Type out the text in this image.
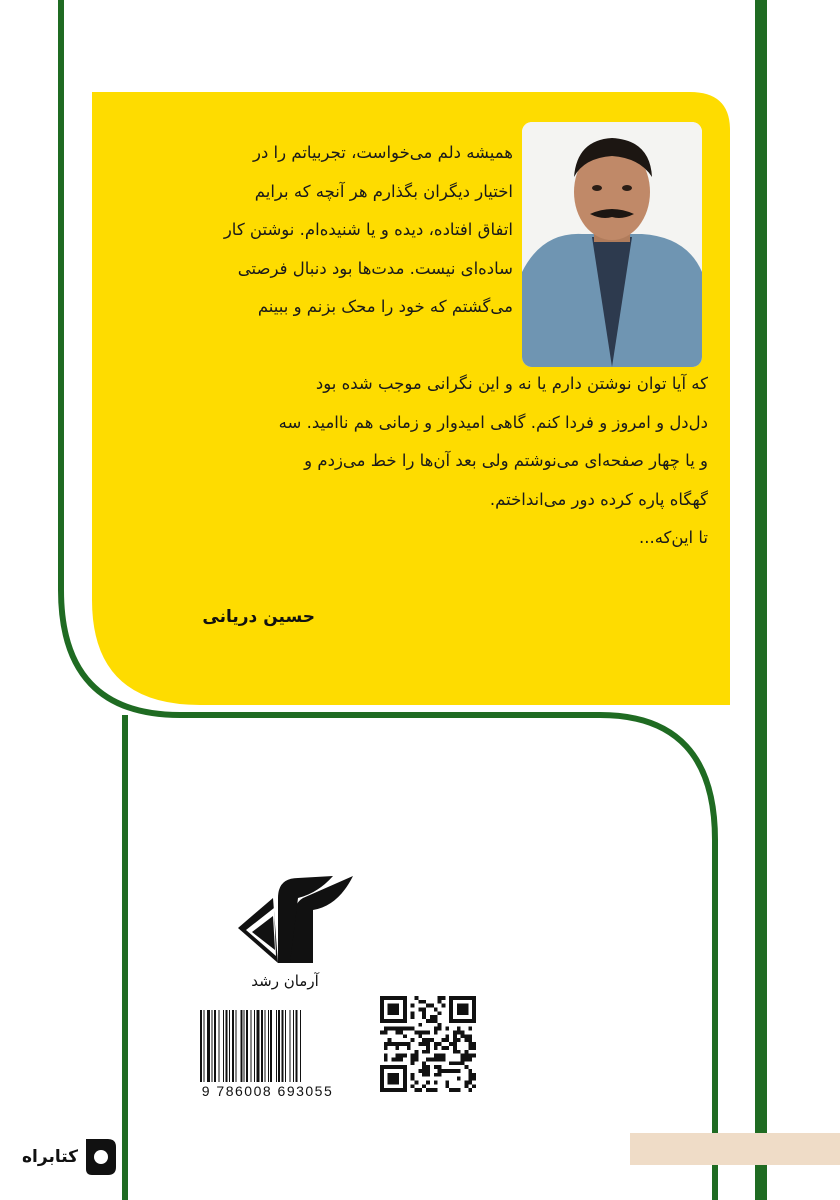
همیشه دلم می‌خواست، تجربیاتم را در
اختیار دیگران بگذارم هر آنچه که برایم
اتفاق افتاده، دیده و یا شنیده‌ام. نوشتن کار
ساده‌ای نیست. مدت‌ها بود دنبال فرصتی
می‌گشتم که خود را محک بزنم و ببینم
که آیا توان نوشتن دارم یا نه و این نگرانی موجب شده بود
دل‌دل و امروز و فردا کنم. گاهی امیدوار و زمانی هم ناامید. سه
و یا چهار صفحه‌ای می‌نوشتم ولی بعد آن‌ها را خط می‌زدم و
گهگاه پاره کرده دور می‌انداختم.
تا این‌که...
حسین دریانی
آرمان رشد
9 786008 693055
کتابراه
